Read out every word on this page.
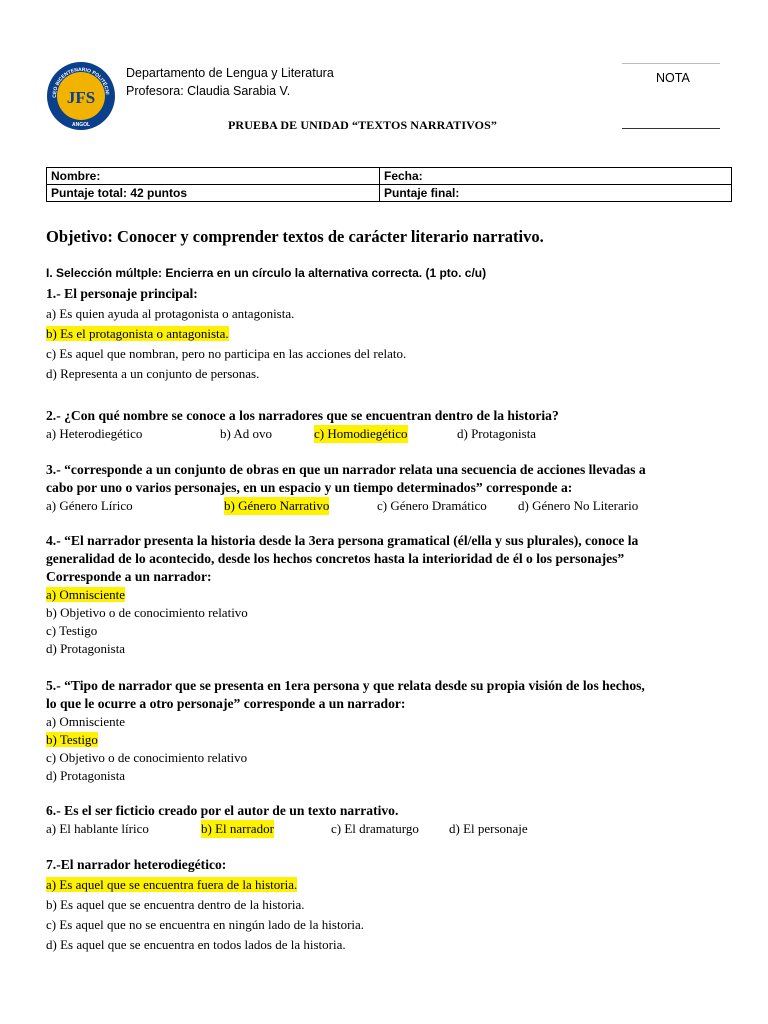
CEO BICENTENARIO POLITÉCNI
JFS
ANGOL
Departamento de Lengua y Literatura
Profesora: Claudia Sarabia V.
NOTA
PRUEBA DE UNIDAD “TEXTOS NARRATIVOS”
Nombre:	Fecha:
Puntaje total: 42 puntos	Puntaje final:
Objetivo: Conocer y comprender textos de carácter literario narrativo.
I. Selección múltple: Encierra en un círculo la alternativa correcta. (1 pto. c/u)
1.- El personaje principal:
a) Es quien ayuda al protagonista o antagonista.
b) Es el protagonista o antagonista.
c) Es aquel que nombran, pero no participa en las acciones del relato.
d) Representa a un conjunto de personas.
2.- ¿Con qué nombre se conoce a los narradores que se encuentran dentro de la historia?
a) Heterodiegético	b) Ad ovo	c) Homodiegético	d) Protagonista
3.- “corresponde a un conjunto de obras en que un narrador relata una secuencia de acciones llevadas a
cabo por uno o varios personajes, en un espacio y un tiempo determinados” corresponde a:
a) Género Lírico	b) Género Narrativo	c) Género Dramático d) Género No Literario
4.- “El narrador presenta la historia desde la 3era persona gramatical (él/ella y sus plurales), conoce la
generalidad de lo acontecido, desde los hechos concretos hasta la interioridad de él o los personajes”
Corresponde a un narrador:
a) Omnisciente
b) Objetivo o de conocimiento relativo
c) Testigo
d) Protagonista
5.- “Tipo de narrador que se presenta en 1era persona y que relata desde su propia visión de los hechos,
lo que le ocurre a otro personaje” corresponde a un narrador:
a) Omnisciente
b) Testigo
c) Objetivo o de conocimiento relativo
d) Protagonista
6.- Es el ser ficticio creado por el autor de un texto narrativo.
a) El hablante lírico	b) El narrador	c) El dramaturgo d) El personaje
7.-El narrador heterodiegético:
a) Es aquel que se encuentra fuera de la historia.
b) Es aquel que se encuentra dentro de la historia.
c) Es aquel que no se encuentra en ningún lado de la historia.
d) Es aquel que se encuentra en todos lados de la historia.
